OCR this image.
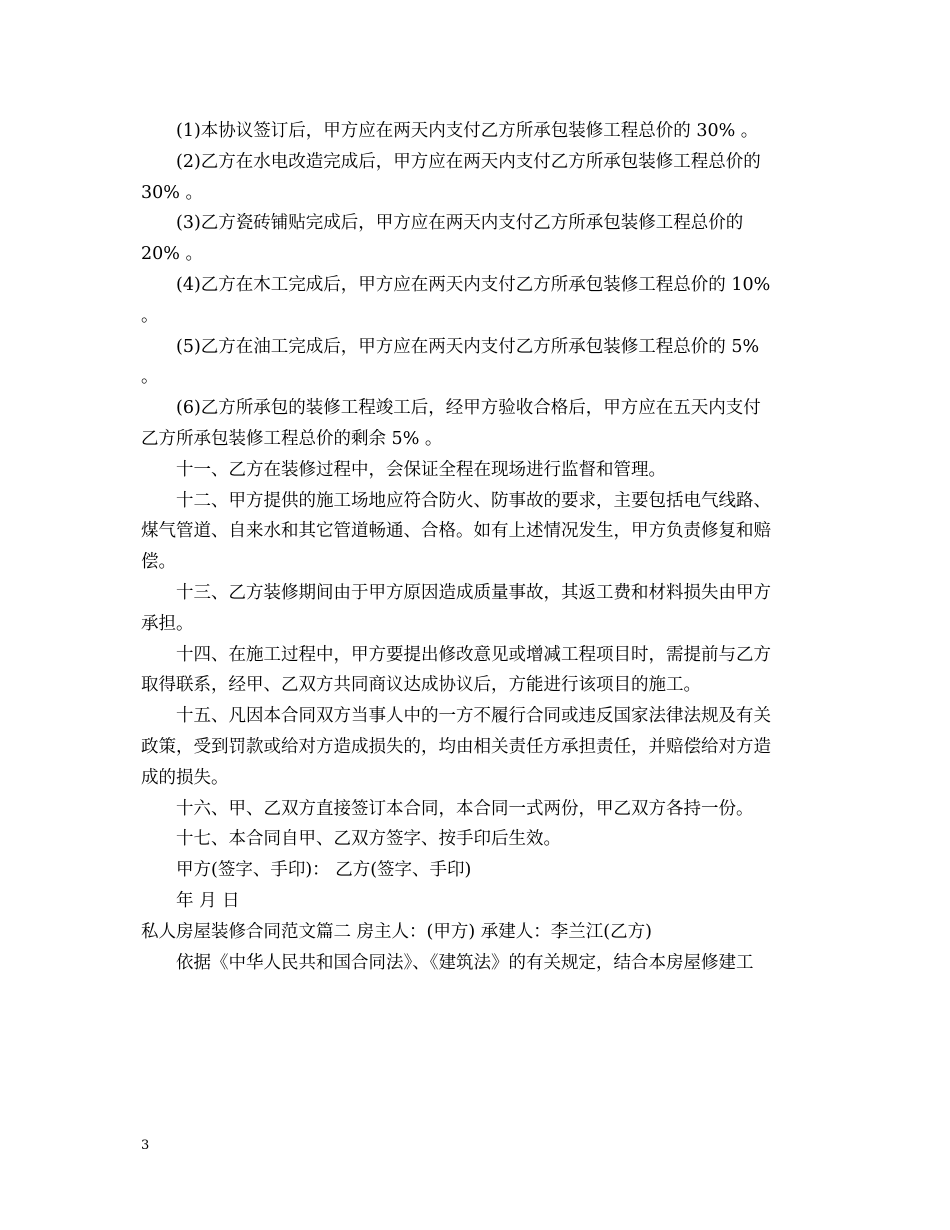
(1)本协议签订后，甲方应在两天内支付乙方所承包装修工程总价的 30% 。

(2)乙方在水电改造完成后，甲方应在两天内支付乙方所承包装修工程总价的

30% 。

(3)乙方瓷砖铺贴完成后，甲方应在两天内支付乙方所承包装修工程总价的

20% 。

(4)乙方在木工完成后，甲方应在两天内支付乙方所承包装修工程总价的 10%

。

(5)乙方在油工完成后，甲方应在两天内支付乙方所承包装修工程总价的 5%

。

(6)乙方所承包的装修工程竣工后，经甲方验收合格后，甲方应在五天内支付

乙方所承包装修工程总价的剩余 5% 。

十一、乙方在装修过程中，会保证全程在现场进行监督和管理。

十二、甲方提供的施工场地应符合防火、防事故的要求，主要包括电气线路、

煤气管道、自来水和其它管道畅通、合格。如有上述情况发生，甲方负责修复和赔

偿。

十三、乙方装修期间由于甲方原因造成质量事故，其返工费和材料损失由甲方

承担。

十四、在施工过程中，甲方要提出修改意见或增减工程项目时，需提前与乙方

取得联系，经甲、乙双方共同商议达成协议后，方能进行该项目的施工。

十五、凡因本合同双方当事人中的一方不履行合同或违反国家法律法规及有关

政策，受到罚款或给对方造成损失的，均由相关责任方承担责任，并赔偿给对方造

成的损失。

十六、甲、乙双方直接签订本合同，本合同一式两份，甲乙双方各持一份。

十七、本合同自甲、乙双方签字、按手印后生效。

甲方(签字、手印)： 乙方(签字、手印)

年 月 日

私人房屋装修合同范文篇二 房主人：(甲方) 承建人：李兰江(乙方)

依据《中华人民共和国合同法》、《建筑法》的有关规定，结合本房屋修建工

3
